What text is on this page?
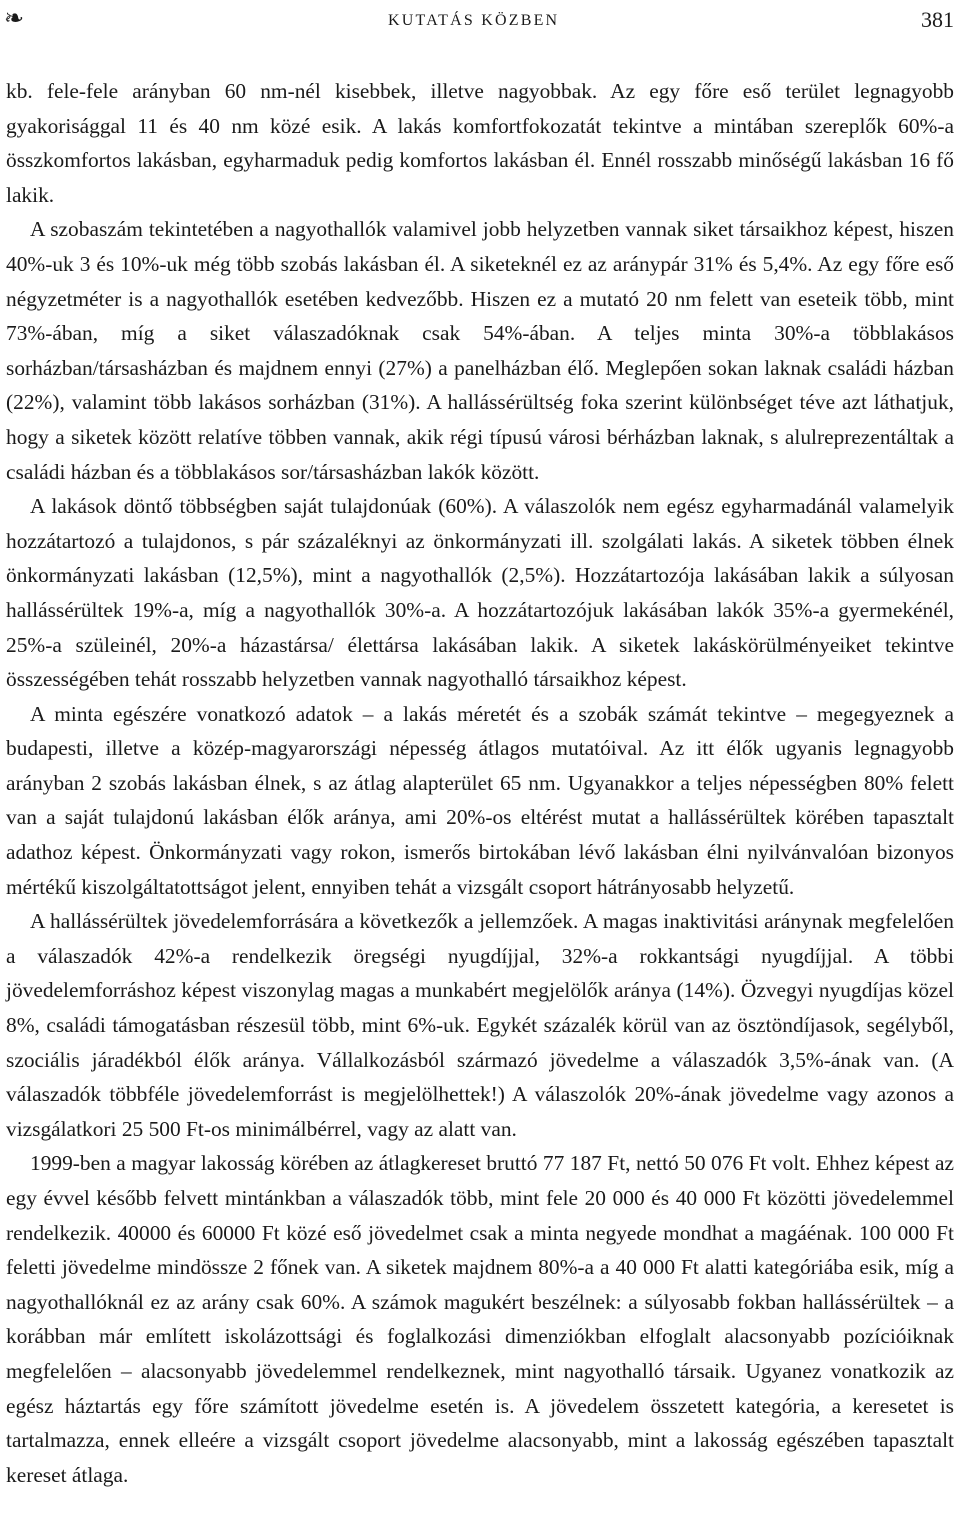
❧	KUTATÁS KÖZBEN	381

kb. fele-fele arányban 60 nm-nél kisebbek, illetve nagyobbak. Az egy főre eső terület legnagyobb gyakorisággal 11 és 40 nm közé esik. A lakás komfortfokozatát tekintve a mintában szereplők 60%-a összkomfortos lakásban, egyharmaduk pedig komfortos lakásban él. Ennél rosszabb minőségű lakásban 16 fő lakik.

A szobaszám tekintetében a nagyothallók valamivel jobb helyzetben vannak siket társaikhoz képest, hiszen 40%-uk 3 és 10%-uk még több szobás lakásban él. A siketeknél ez az aránypár 31% és 5,4%. Az egy főre eső négyzetméter is a nagyothallók esetében kedvezőbb. Hiszen ez a mutató 20 nm felett van eseteik több, mint 73%-ában, míg a siket válaszadóknak csak 54%-ában. A teljes minta 30%-a többlakásos sorházban/társasházban és majdnem ennyi (27%) a panelházban élő. Meglepően sokan laknak családi házban (22%), valamint több lakásos sorházban (31%). A hallássérültség foka szerint különbséget téve azt láthatjuk, hogy a siketek között relatíve többen vannak, akik régi típusú városi bérházban laknak, s alulreprezentáltak a családi házban és a többlakásos sor/társasházban lakók között.

A lakások döntő többségben saját tulajdonúak (60%). A válaszolók nem egész egyharmadánál valamelyik hozzátartozó a tulajdonos, s pár százaléknyi az önkormányzati ill. szolgálati lakás. A siketek többen élnek önkormányzati lakásban (12,5%), mint a nagyothallók (2,5%). Hozzátartozója lakásában lakik a súlyosan hallássérültek 19%-a, míg a nagyothallók 30%-a. A hozzátartozójuk lakásában lakók 35%-a gyermekénél, 25%-a szüleinél, 20%-a házastársa/ élettársa lakásában lakik. A siketek lakáskörülményeiket tekintve összességében tehát rosszabb helyzetben vannak nagyothalló társaikhoz képest.

A minta egészére vonatkozó adatok – a lakás méretét és a szobák számát tekintve – megegyeznek a budapesti, illetve a közép-magyarországi népesség átlagos mutatóival. Az itt élők ugyanis legnagyobb arányban 2 szobás lakásban élnek, s az átlag alapterület 65 nm. Ugyanakkor a teljes népességben 80% felett van a saját tulajdonú lakásban élők aránya, ami 20%-os eltérést mutat a hallássérültek körében tapasztalt adathoz képest. Önkormányzati vagy rokon, ismerős birtokában lévő lakásban élni nyilvánvalóan bizonyos mértékű kiszolgáltatottságot jelent, ennyiben tehát a vizsgált csoport hátrányosabb helyzetű.

A hallássérültek jövedelemforrására a következők a jellemzőek. A magas inaktivitási aránynak megfelelően a válaszadók 42%-a rendelkezik öregségi nyugdíjjal, 32%-a rokkantsági nyugdíjjal. A többi jövedelemforráshoz képest viszonylag magas a munkabért megjelölők aránya (14%). Özvegyi nyugdíjas közel 8%, családi támogatásban részesül több, mint 6%-uk. Egykét százalék körül van az ösztöndíjasok, segélyből, szociális járadékból élők aránya. Vállalkozásból származó jövedelme a válaszadók 3,5%-ának van. (A válaszadók többféle jövedelemforrást is megjelölhettek!) A válaszolók 20%-ának jövedelme vagy azonos a vizsgálatkori 25 500 Ft-os minimálbérrel, vagy az alatt van.

1999-ben a magyar lakosság körében az átlagkereset bruttó 77 187 Ft, nettó 50 076 Ft volt. Ehhez képest az egy évvel később felvett mintánkban a válaszadók több, mint fele 20 000 és 40 000 Ft közötti jövedelemmel rendelkezik. 40000 és 60000 Ft közé eső jövedelmet csak a minta negyede mondhat a magáénak. 100 000 Ft feletti jövedelme mindössze 2 főnek van. A siketek majdnem 80%-a a 40 000 Ft alatti kategóriába esik, míg a nagyothallóknál ez az arány csak 60%. A számok magukért beszélnek: a súlyosabb fokban hallássérültek – a korábban már említett iskolázottsági és foglalkozási dimenziókban elfoglalt alacsonyabb pozícióiknak megfelelően – alacsonyabb jövedelemmel rendelkeznek, mint nagyothalló társaik. Ugyanez vonatkozik az egész háztartás egy főre számított jövedelme esetén is. A jövedelem összetett kategória, a keresetet is tartalmazza, ennek elleére a vizsgált csoport jövedelme alacsonyabb, mint a lakosság egészében tapasztalt kereset átlaga.
